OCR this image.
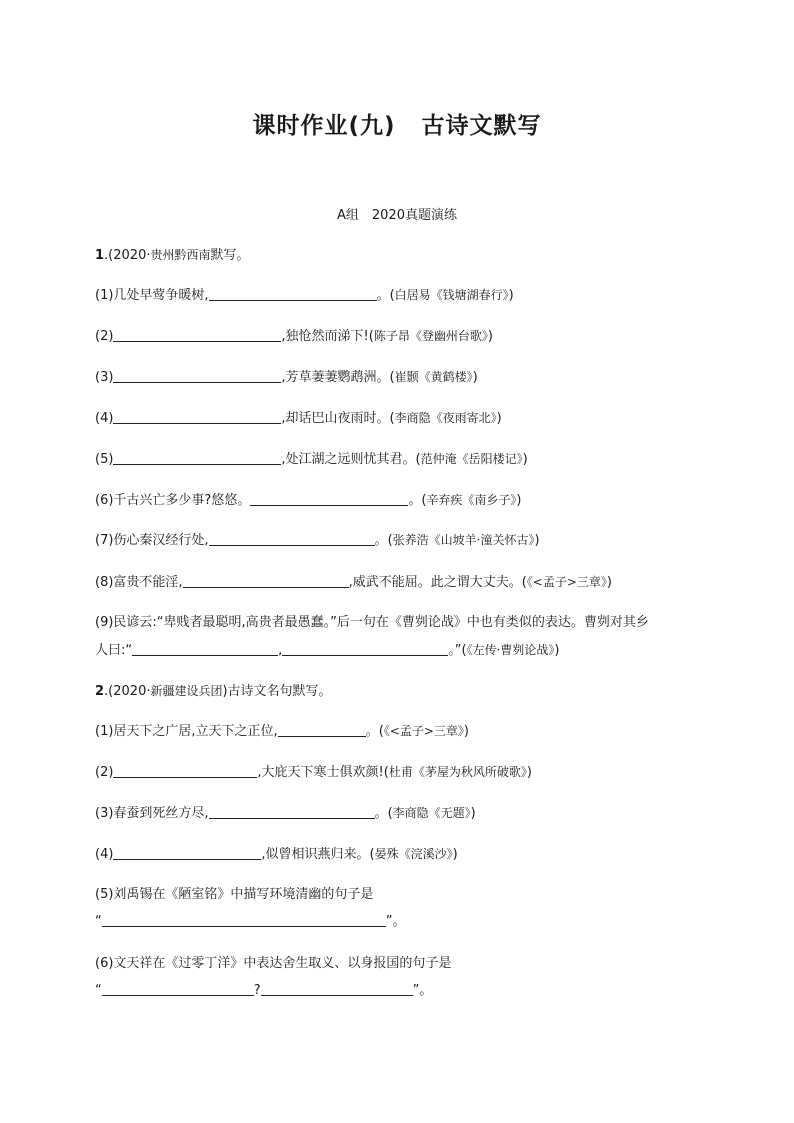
课时作业(九) 古诗文默写
A组　2020真题演练
1.(2020·贵州黔西南默写。
(1)几处早莺争暖树,	。(白居易《钱塘湖春行》)
(2)	,独怆然而涕下!(陈子昂《登幽州台歌》)
(3)	,芳草萋萋鹦鹉洲。(崔颢《黄鹤楼》)
(4)	,却话巴山夜雨时。(李商隐《夜雨寄北》)
(5)	,处江湖之远则忧其君。(范仲淹《岳阳楼记》)
(6)千古兴亡多少事?悠悠。	。(辛弃疾《南乡子》)
(7)伤心秦汉经行处,	。(张养浩《山坡羊·潼关怀古》)
(8)富贵不能淫,	,威武不能屈。此之谓大丈夫。(《<孟子>三章》)
(9)民谚云:“卑贱者最聪明,高贵者最愚蠢。”后一句在《曹刿论战》中也有类似的表达。曹刿对其乡
人曰:“	,	。”(《左传·曹刿论战》)
2.(2020·新疆建设兵团)古诗文名句默写。
(1)居天下之广居,立天下之正位,	。(《<孟子>三章》)
(2)	,大庇天下寒士俱欢颜!(杜甫《茅屋为秋风所破歌》)
(3)春蚕到死丝方尽,	。(李商隐《无题》)
(4)	,似曾相识燕归来。(晏殊《浣溪沙》)
(5)刘禹锡在《陋室铭》中描写环境清幽的句子是
“	”。
(6)文天祥在《过零丁洋》中表达舍生取义、以身报国的句子是
“	?	”。
